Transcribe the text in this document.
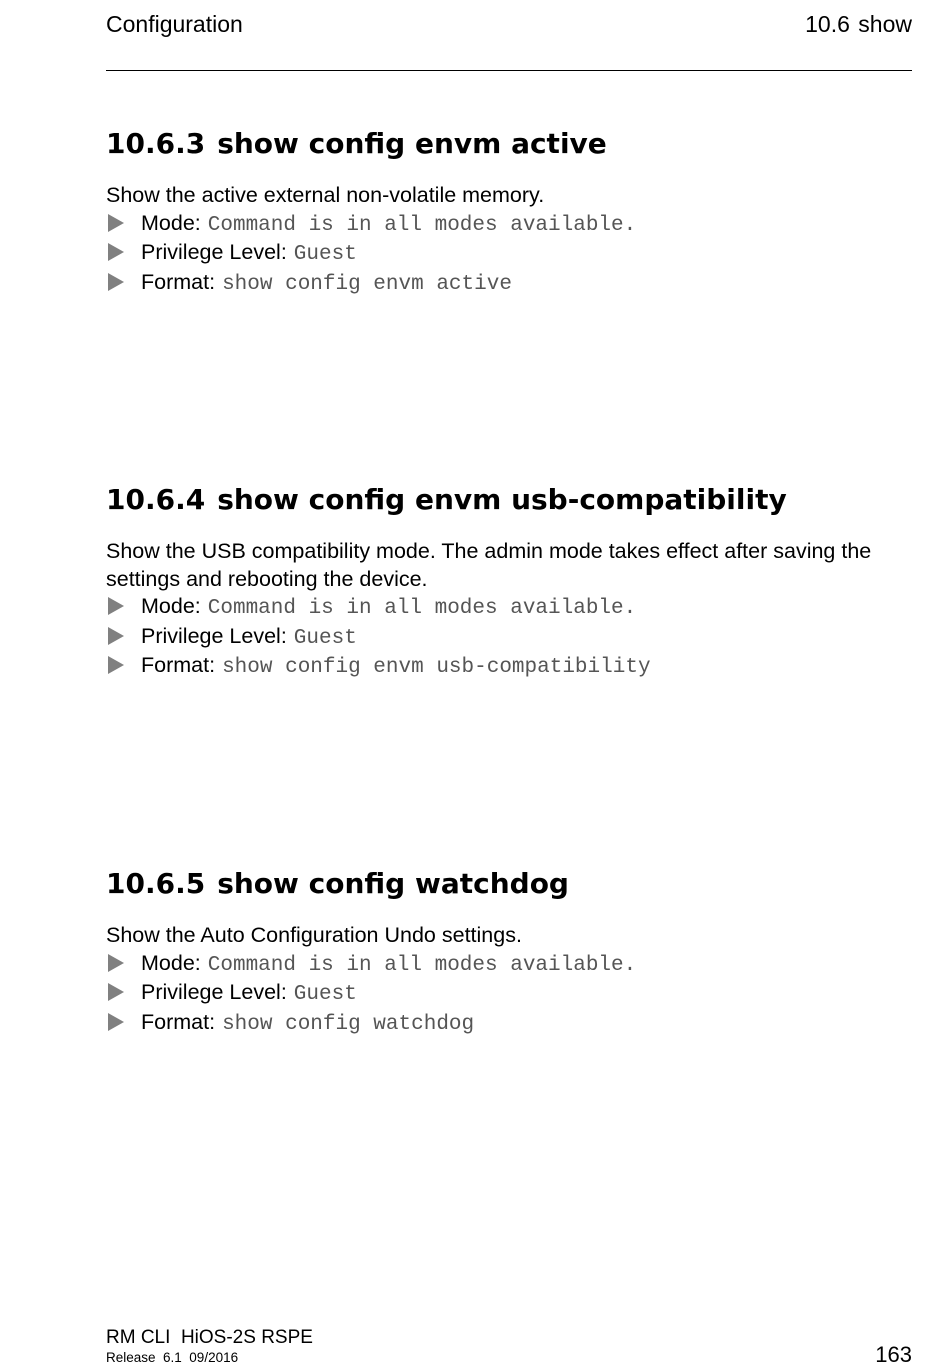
Configuration	10.6 show
10.6.3 show config envm active

Show the active external non-volatile memory.

Mode: Command is in all modes available.
Privilege Level: Guest
Format: show config envm active
10.6.4 show config envm usb-compatibility

Show the USB compatibility mode. The admin mode takes effect after saving the settings and rebooting the device.

Mode: Command is in all modes available.
Privilege Level: Guest
Format: show config envm usb-compatibility
10.6.5 show config watchdog

Show the Auto Configuration Undo settings.

Mode: Command is in all modes available.
Privilege Level: Guest
Format: show config watchdog
RM CLI  HiOS-2S RSPE
Release  6.1  09/2016	163
